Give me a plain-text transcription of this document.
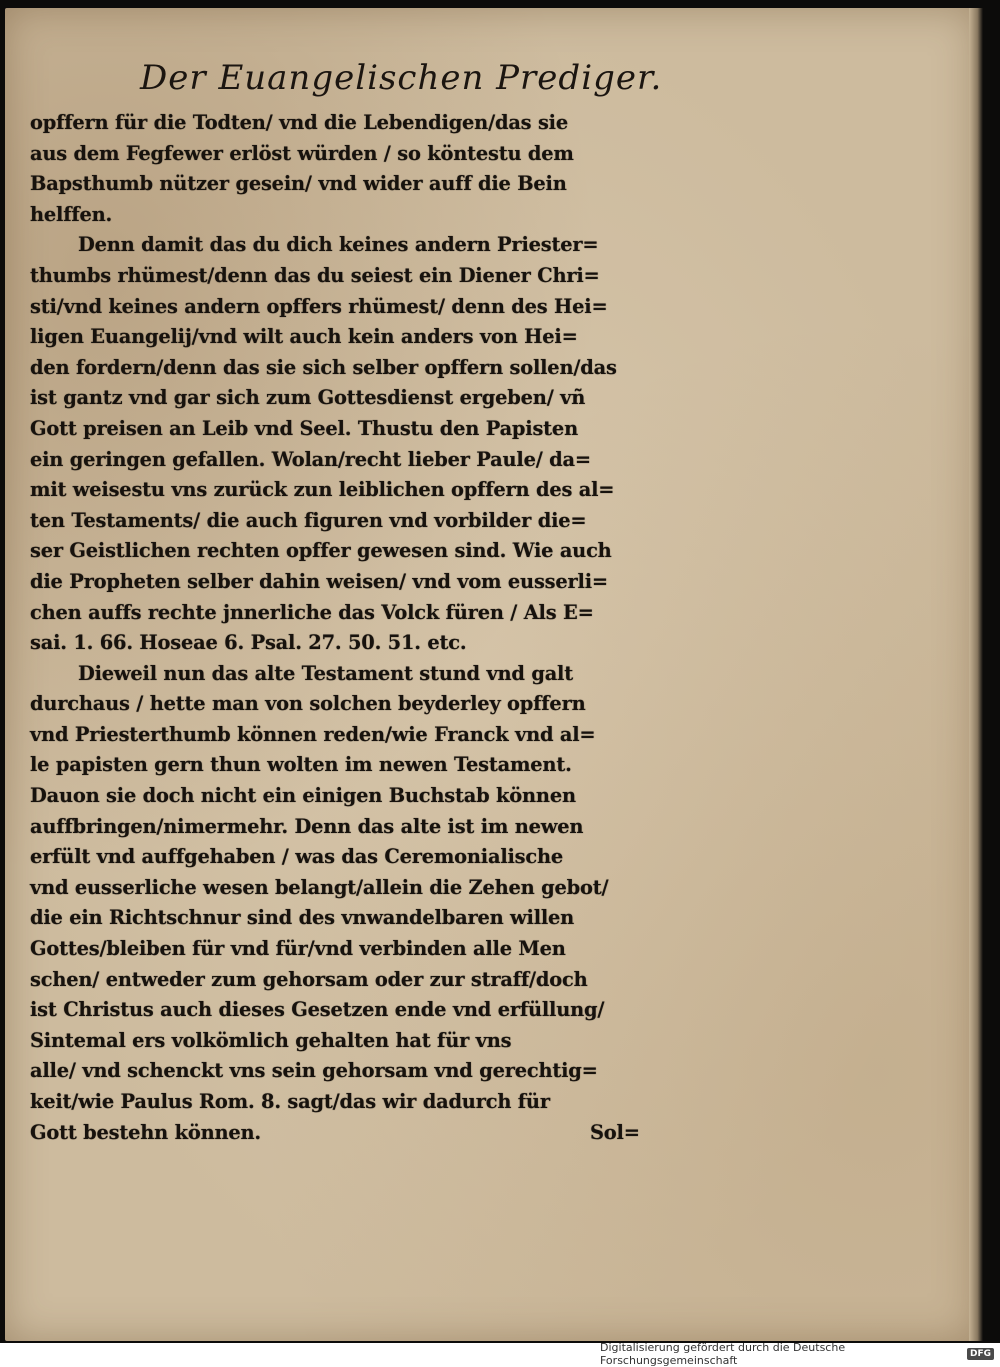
Der Euangelischen Prediger.
opffern für die Todten/ vnd die Lebendigen/das sie
aus dem Fegfewer erlöst würden / so köntestu dem
Bapsthumb nützer gesein/ vnd wider auff die Bein
helffen.
Denn damit das du dich keines andern Priester=
thumbs rhümest/denn das du seiest ein Diener Chri=
sti/vnd keines andern opffers rhümest/ denn des Hei=
ligen Euangelij/vnd wilt auch kein anders von Hei=
den fordern/denn das sie sich selber opffern sollen/das
ist gantz vnd gar sich zum Gottesdienst ergeben/ vñ
Gott preisen an Leib vnd Seel. Thustu den Papisten
ein geringen gefallen. Wolan/recht lieber Paule/ da=
mit weisestu vns zurück zun leiblichen opffern des al=
ten Testaments/ die auch figuren vnd vorbilder die=
ser Geistlichen rechten opffer gewesen sind. Wie auch
die Propheten selber dahin weisen/ vnd vom eusserli=
chen auffs rechte jnnerliche das Volck füren / Als E=
sai. 1. 66. Hoseae 6. Psal. 27. 50. 51. etc.
Dieweil nun das alte Testament stund vnd galt
durchaus / hette man von solchen beyderley opffern
vnd Priesterthumb können reden/wie Franck vnd al=
le papisten gern thun wolten im newen Testament.
Dauon sie doch nicht ein einigen Buchstab können
auffbringen/nimermehr. Denn das alte ist im newen
erfült vnd auffgehaben / was das Ceremonialische
vnd eusserliche wesen belangt/allein die Zehen gebot/
die ein Richtschnur sind des vnwandelbaren willen
Gottes/bleiben für vnd für/vnd verbinden alle Men
schen/ entweder zum gehorsam oder zur straff/doch
ist Christus auch dieses Gesetzen ende vnd erfüllung/
Sintemal ers volkömlich gehalten hat für vns
alle/ vnd schenckt vns sein gehorsam vnd gerechtig=
keit/wie Paulus Rom. 8. sagt/das wir dadurch für
Gott bestehn können.	Sol=
Digitalisierung gefördert durch die Deutsche Forschungsgemeinschaft	DFG
